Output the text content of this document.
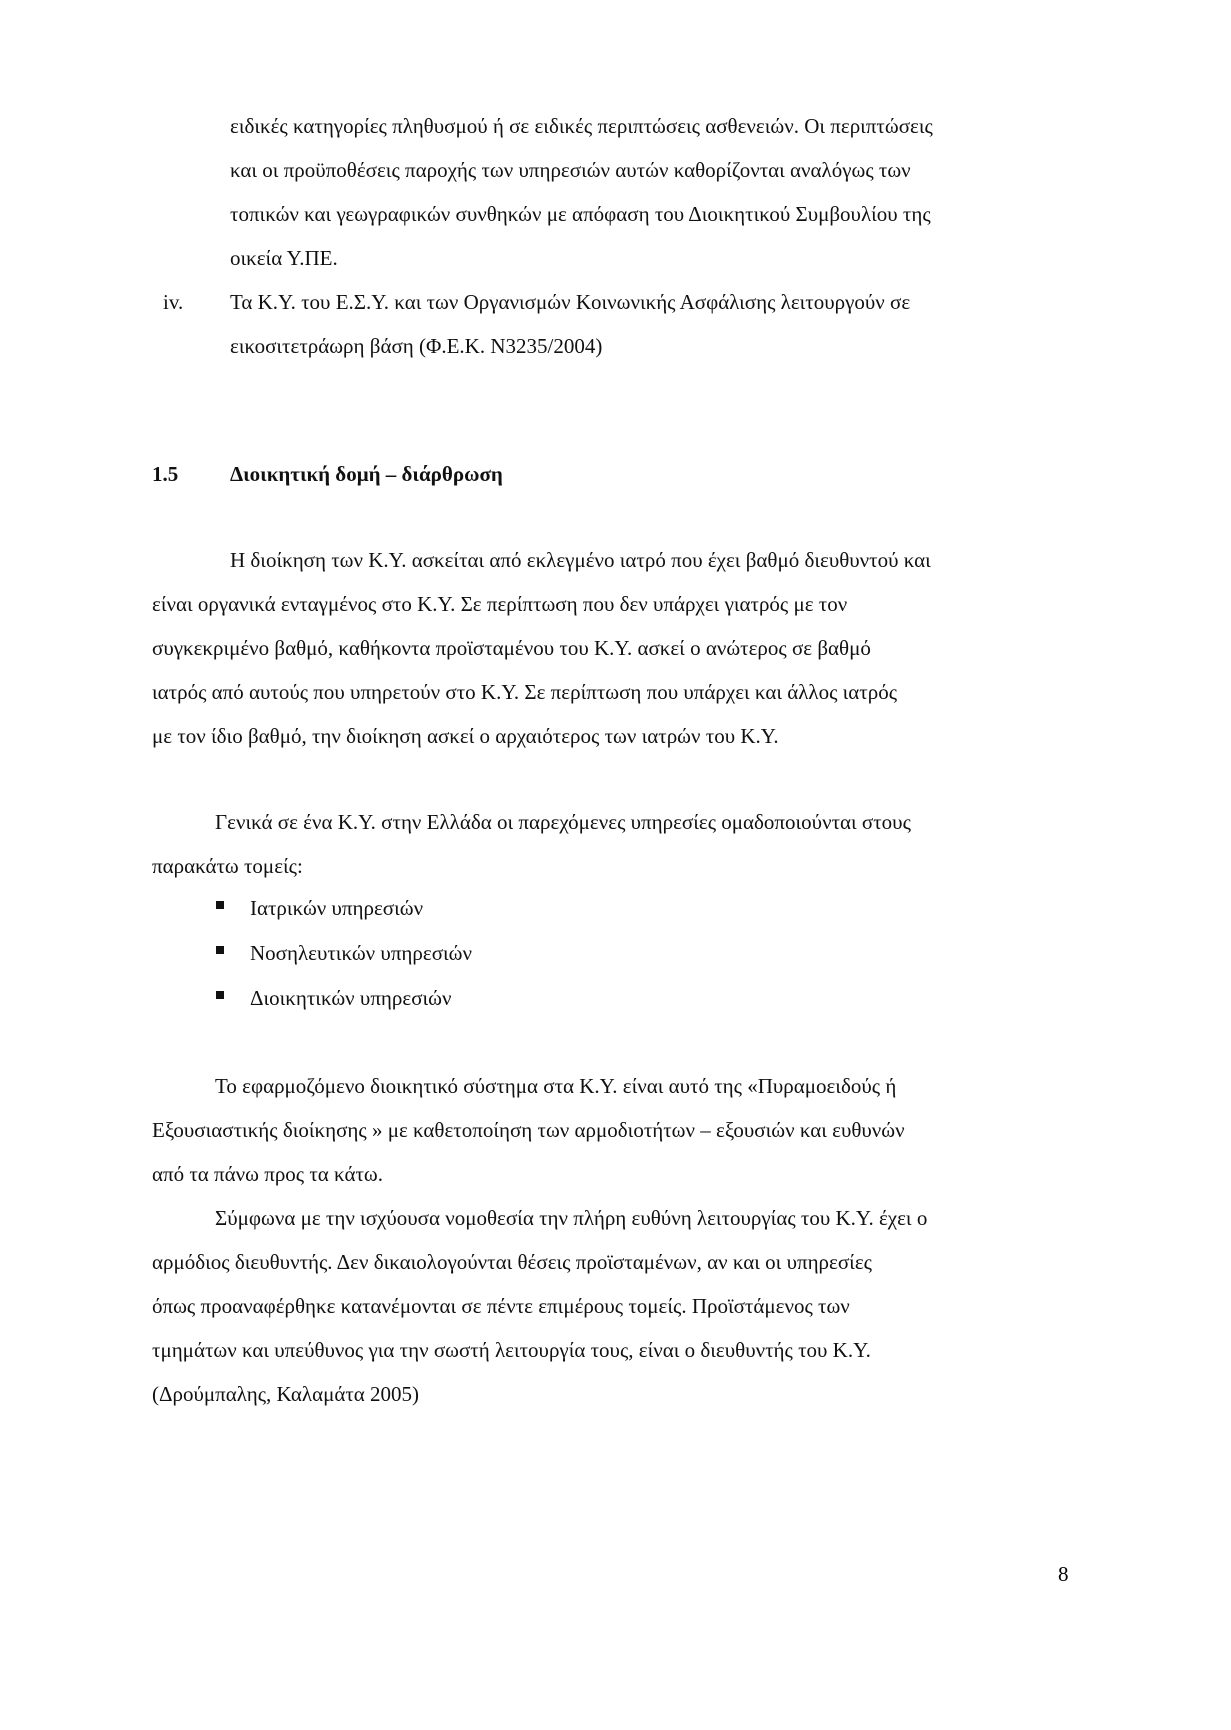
ειδικές κατηγορίες πληθυσμού ή σε ειδικές περιπτώσεις ασθενειών. Οι περιπτώσεις
και οι προϋποθέσεις παροχής των υπηρεσιών αυτών καθορίζονται αναλόγως των
τοπικών και γεωγραφικών συνθηκών με απόφαση του Διοικητικού Συμβουλίου της
οικεία Υ.ΠΕ.
iv. Τα Κ.Υ. του Ε.Σ.Υ. και των Οργανισμών Κοινωνικής Ασφάλισης λειτουργούν σε
εικοσιτετράωρη βάση (Φ.Ε.Κ. Ν3235/2004)
1.5 Διοικητική δομή – διάρθρωση
Η διοίκηση των Κ.Υ. ασκείται από εκλεγμένο ιατρό που έχει βαθμό διευθυντού και
είναι οργανικά ενταγμένος στο Κ.Υ. Σε περίπτωση που δεν υπάρχει γιατρός με τον
συγκεκριμένο βαθμό, καθήκοντα προϊσταμένου του Κ.Υ. ασκεί ο ανώτερος σε βαθμό
ιατρός από αυτούς που υπηρετούν στο Κ.Υ. Σε περίπτωση που υπάρχει και άλλος ιατρός
με τον ίδιο βαθμό, την διοίκηση ασκεί ο αρχαιότερος των ιατρών του Κ.Υ.
Γενικά σε ένα Κ.Υ. στην Ελλάδα οι παρεχόμενες υπηρεσίες ομαδοποιούνται στους
παρακάτω τομείς:
Ιατρικών υπηρεσιών
Νοσηλευτικών υπηρεσιών
Διοικητικών υπηρεσιών
Το εφαρμοζόμενο διοικητικό σύστημα στα Κ.Υ. είναι αυτό της «Πυραμοειδούς ή
Εξουσιαστικής διοίκησης » με καθετοποίηση των αρμοδιοτήτων – εξουσιών και ευθυνών
από τα πάνω προς τα κάτω.
Σύμφωνα με την ισχύουσα νομοθεσία την πλήρη ευθύνη λειτουργίας του Κ.Υ. έχει ο
αρμόδιος διευθυντής. Δεν δικαιολογούνται θέσεις προϊσταμένων, αν και οι υπηρεσίες
όπως προαναφέρθηκε κατανέμονται σε πέντε επιμέρους τομείς. Προϊστάμενος των
τμημάτων και υπεύθυνος για την σωστή λειτουργία τους, είναι ο διευθυντής του Κ.Υ.
(Δρούμπαλης, Καλαμάτα 2005)
8
